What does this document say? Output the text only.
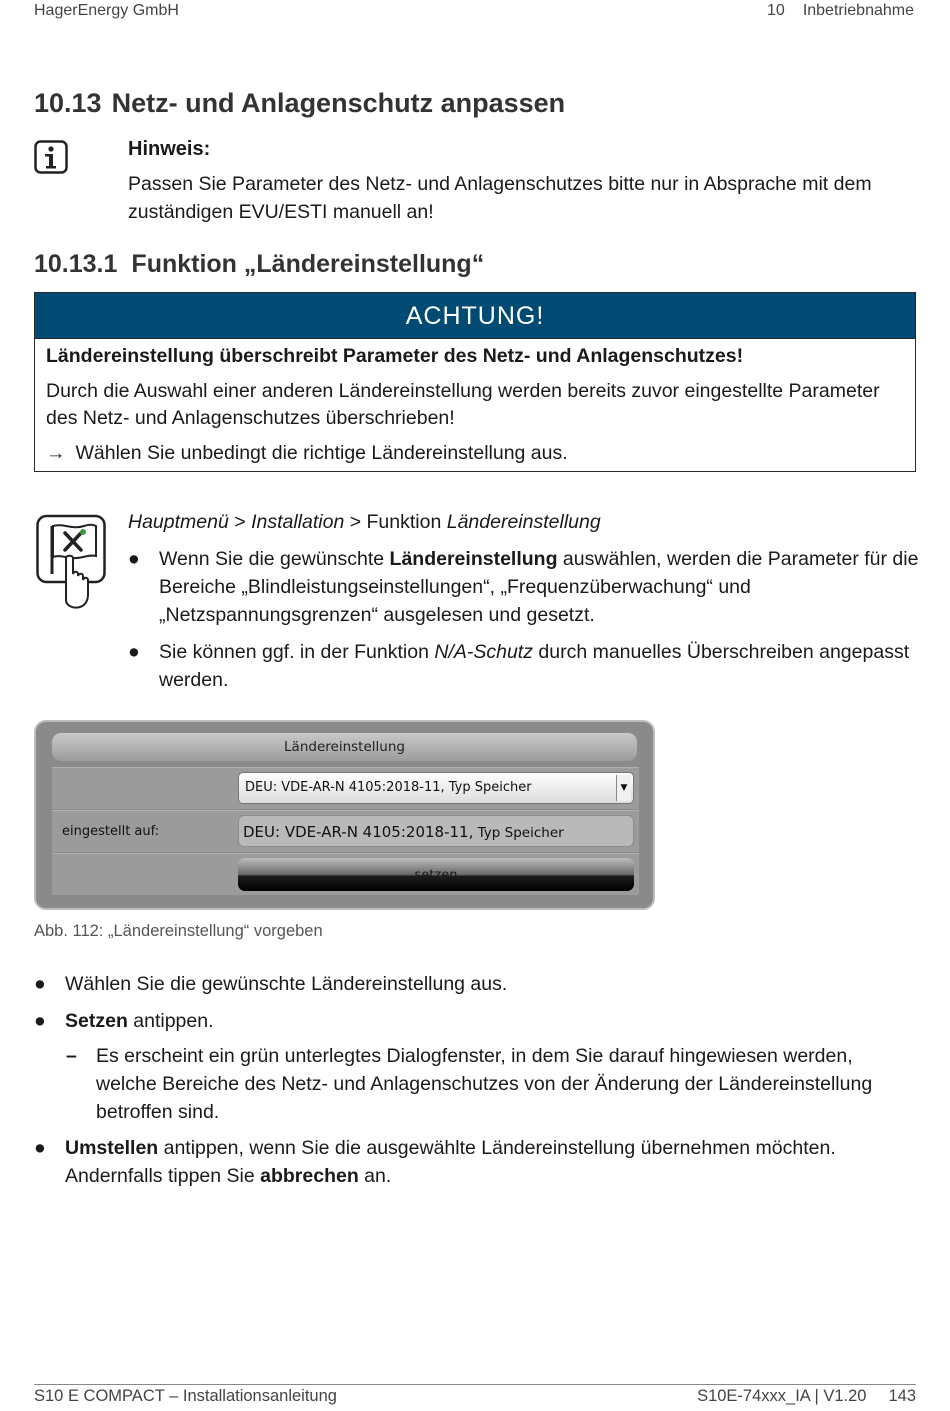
HagerEnergy GmbH	10 Inbetriebnahme
10.13 Netz- und Anlagenschutz anpassen
Hinweis:
Passen Sie Parameter des Netz- und Anlagenschutzes bitte nur in Absprache mit dem zuständigen EVU/ESTI manuell an!
10.13.1 Funktion „Ländereinstellung“
ACHTUNG!
Ländereinstellung überschreibt Parameter des Netz- und Anlagenschutzes!
Durch die Auswahl einer anderen Ländereinstellung werden bereits zuvor eingestellte Parameter des Netz- und Anlagenschutzes überschrieben!
→ Wählen Sie unbedingt die richtige Ländereinstellung aus.
Hauptmenü > Installation > Funktion Ländereinstellung
● Wenn Sie die gewünschte Ländereinstellung auswählen, werden die Parameter für die Bereiche „Blindleistungseinstellungen“, „Frequenzüberwachung“ und „Netzspannungsgrenzen“ ausgelesen und gesetzt.
● Sie können ggf. in der Funktion N/A-Schutz durch manuelles Überschreiben angepasst werden.
Ländereinstellung
eingestellt auf:
DEU: VDE-AR-N 4105:2018-11, Typ Speicher	▼
DEU: VDE-AR-N 4105:2018-11, Typ Speicher
setzen
Abb. 112: „Ländereinstellung“ vorgeben
● Wählen Sie die gewünschte Ländereinstellung aus.
● Setzen antippen.
– Es erscheint ein grün unterlegtes Dialogfenster, in dem Sie darauf hingewiesen werden, welche Bereiche des Netz- und Anlagenschutzes von der Änderung der Ländereinstellung betroffen sind.
● Umstellen antippen, wenn Sie die ausgewählte Ländereinstellung übernehmen möchten. Andernfalls tippen Sie abbrechen an.
S10 E COMPACT – Installationsanleitung	S10E-74xxx_IA | V1.20 143
